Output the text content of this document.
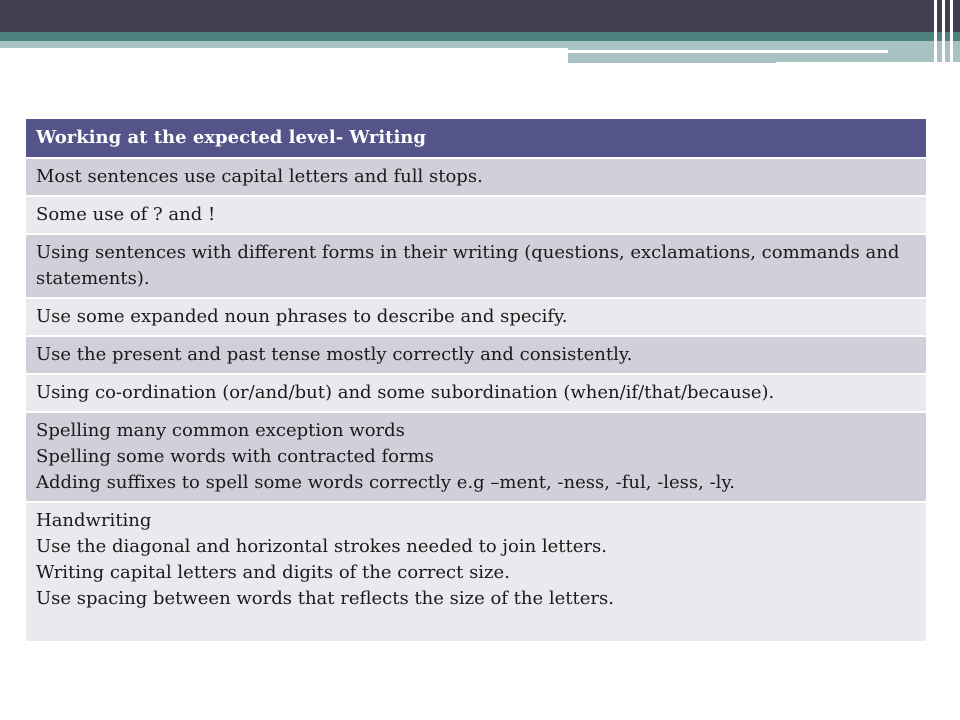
Working at the expected level- Writing

Most sentences use capital letters and full stops.

Some use of ? and !

Using sentences with different forms in their writing (questions, exclamations, commands and statements).

Use some expanded noun phrases to describe and specify.

Use the present and past tense mostly correctly and consistently.

Using co-ordination (or/and/but) and some subordination (when/if/that/because).

Spelling many common exception words
Spelling some words with contracted forms
Adding suffixes to spell some words correctly e.g –ment, -ness, -ful, -less, -ly.

Handwriting
Use the diagonal and horizontal strokes needed to join letters.
Writing capital letters and digits of the correct size.
Use spacing between words that reflects the size of the letters.
